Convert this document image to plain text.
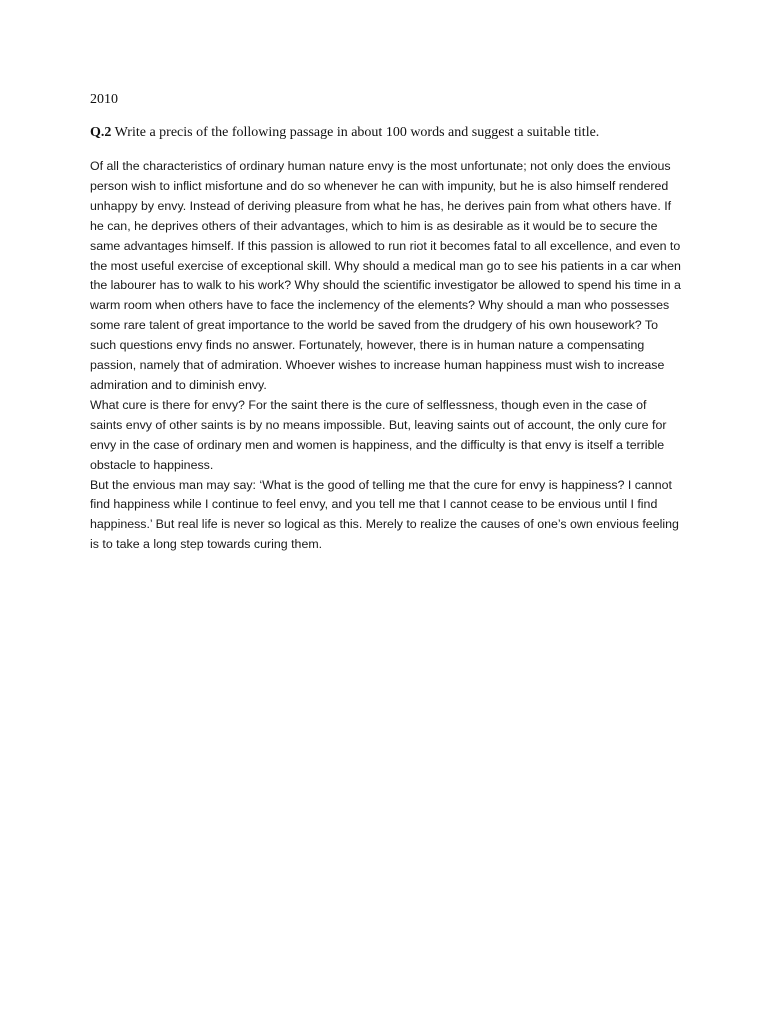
2010

Q.2 Write a precis of the following passage in about 100 words and suggest a suitable title.

Of all the characteristics of ordinary human nature envy is the most unfortunate; not only does the envious person wish to inflict misfortune and do so whenever he can with impunity, but he is also himself rendered unhappy by envy. Instead of deriving pleasure from what he has, he derives pain from what others have. If he can, he deprives others of their advantages, which to him is as desirable as it would be to secure the same advantages himself. If this passion is allowed to run riot it becomes fatal to all excellence, and even to the most useful exercise of exceptional skill. Why should a medical man go to see his patients in a car when the labourer has to walk to his work? Why should the scientific investigator be allowed to spend his time in a warm room when others have to face the inclemency of the elements? Why should a man who possesses some rare talent of great importance to the world be saved from the drudgery of his own housework? To such questions envy finds no answer. Fortunately, however, there is in human nature a compensating passion, namely that of admiration. Whoever wishes to increase human happiness must wish to increase admiration and to diminish envy.

What cure is there for envy? For the saint there is the cure of selflessness, though even in the case of saints envy of other saints is by no means impossible. But, leaving saints out of account, the only cure for envy in the case of ordinary men and women is happiness, and the difficulty is that envy is itself a terrible obstacle to happiness.

But the envious man may say: ‘What is the good of telling me that the cure for envy is happiness? I cannot find happiness while I continue to feel envy, and you tell me that I cannot cease to be envious until I find happiness.’ But real life is never so logical as this. Merely to realize the causes of one’s own envious feeling is to take a long step towards curing them.
